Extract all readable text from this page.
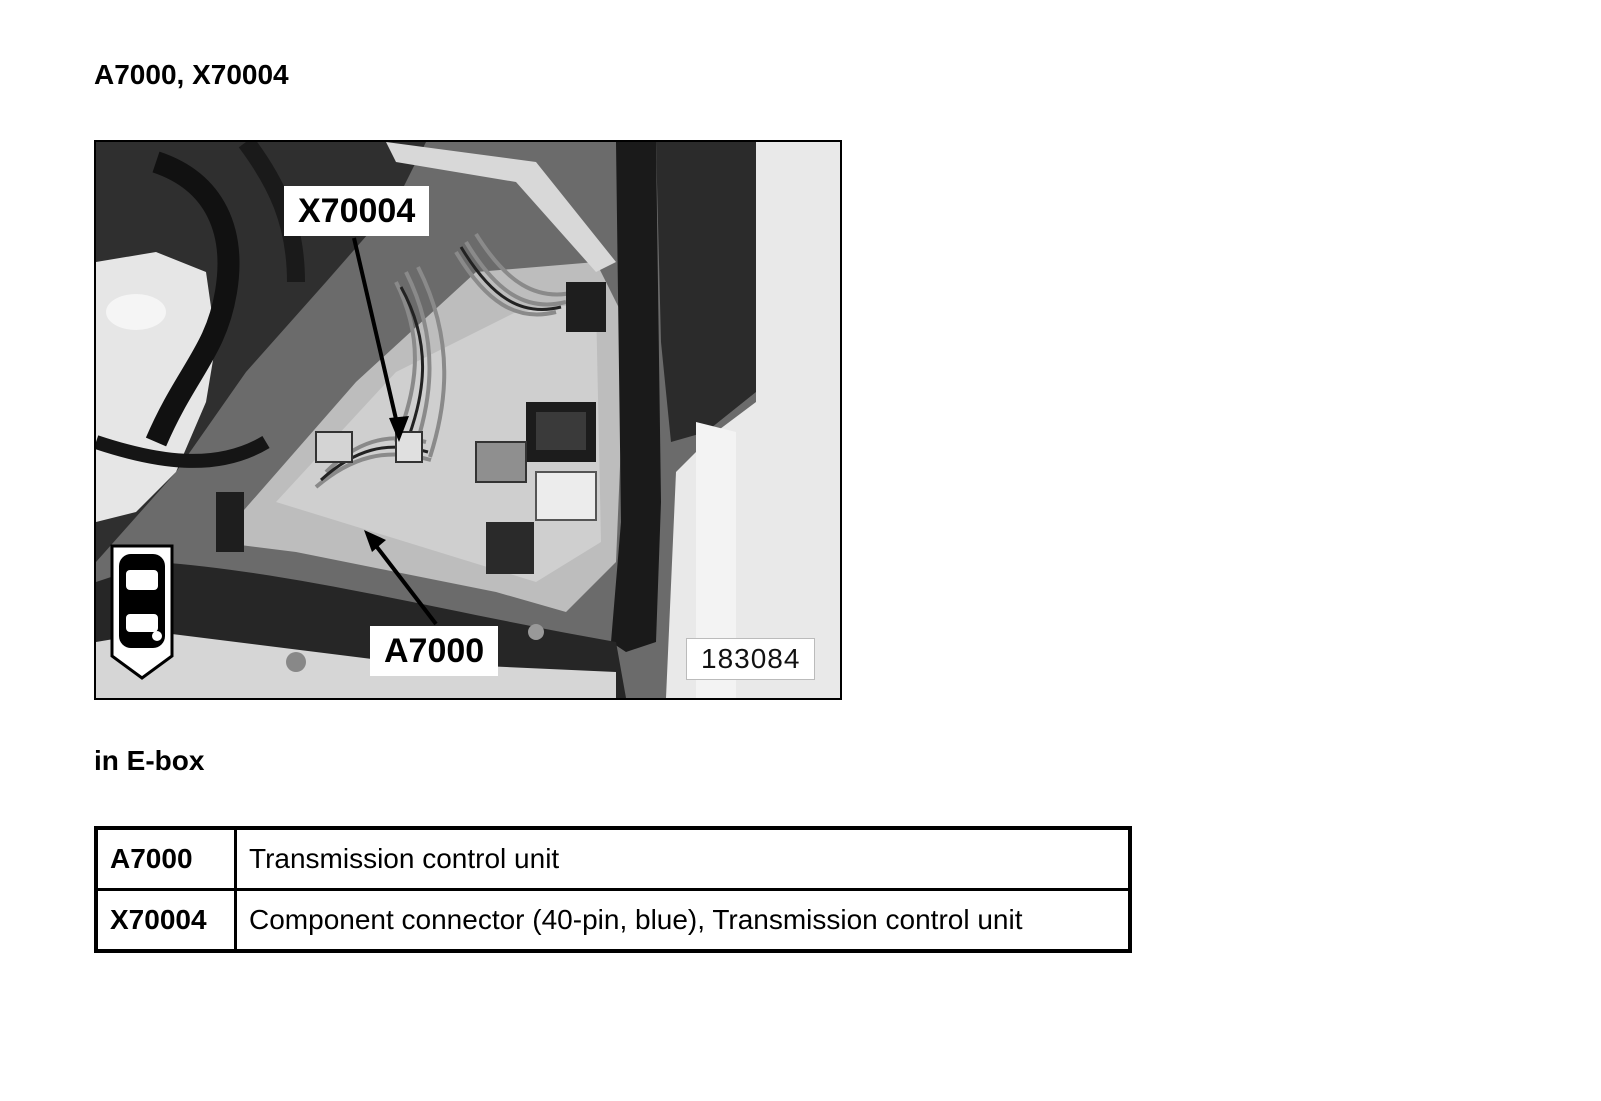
A7000, X70004
X70004
A7000	183084
in E-box
A7000	Transmission control unit
X70004	Component connector (40-pin, blue), Transmission control unit
